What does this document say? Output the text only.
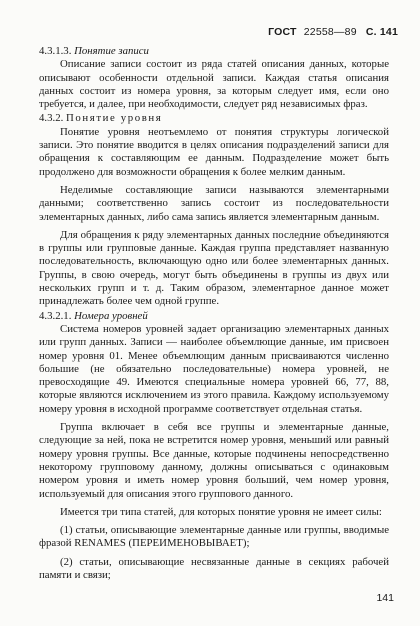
ГОСТ 22558—89 С. 141

4.3.1.3. Понятие записи

Описание записи состоит из ряда статей описания данных, которые описывают особенности отдельной записи. Каждая статья описания данных состоит из номера уровня, за которым следует имя, если оно требуется, и далее, при необходимости, следует ряд независимых фраз.

4.3.2. Понятие уровня

Понятие уровня неотъемлемо от понятия структуры логической записи. Это понятие вводится в целях описания подразделений записи для обращения к составляющим ее данным. Подразделение может быть продолжено для возможности обращения к более мелким данным.

Неделимые составляющие записи называются элементарными данными; соответственно запись состоит из последовательности элементарных данных, либо сама запись является элементарным данным.

Для обращения к ряду элементарных данных последние объединяются в группы или групповые данные. Каждая группа представляет названную последовательность, включающую одно или более элементарных данных. Группы, в свою очередь, могут быть объединены в группы из двух или нескольких групп и т. д. Таким образом, элементарное данное может принадлежать более чем одной группе.

4.3.2.1. Номера уровней

Система номеров уровней задает организацию элементарных данных или групп данных. Записи — наиболее объемлющие данные, им присвоен номер уровня 01. Менее объемлющим данным присваиваются численно большие (не обязательно последовательные) номера уровней, не превосходящие 49. Имеются специальные номера уровней 66, 77, 88, которые являются исключением из этого правила. Каждому используемому номеру уровня в исходной программе соответствует отдельная статья.

Группа включает в себя все группы и элементарные данные, следующие за ней, пока не встретится номер уровня, меньший или равный номеру уровня группы. Все данные, которые подчинены непосредственно некоторому групповому данному, должны описываться с одинаковым номером уровня и иметь номер уровня больший, чем номер уровня, используемый для описания этого группового данного.

Имеется три типа статей, для которых понятие уровня не имеет силы:

(1) статьи, описывающие элементарные данные или группы, вводимые фразой RENAMES (ПЕРЕИМЕНОВЫВАЕТ);

(2) статьи, описывающие несвязанные данные в секциях рабочей памяти и связи;

141
